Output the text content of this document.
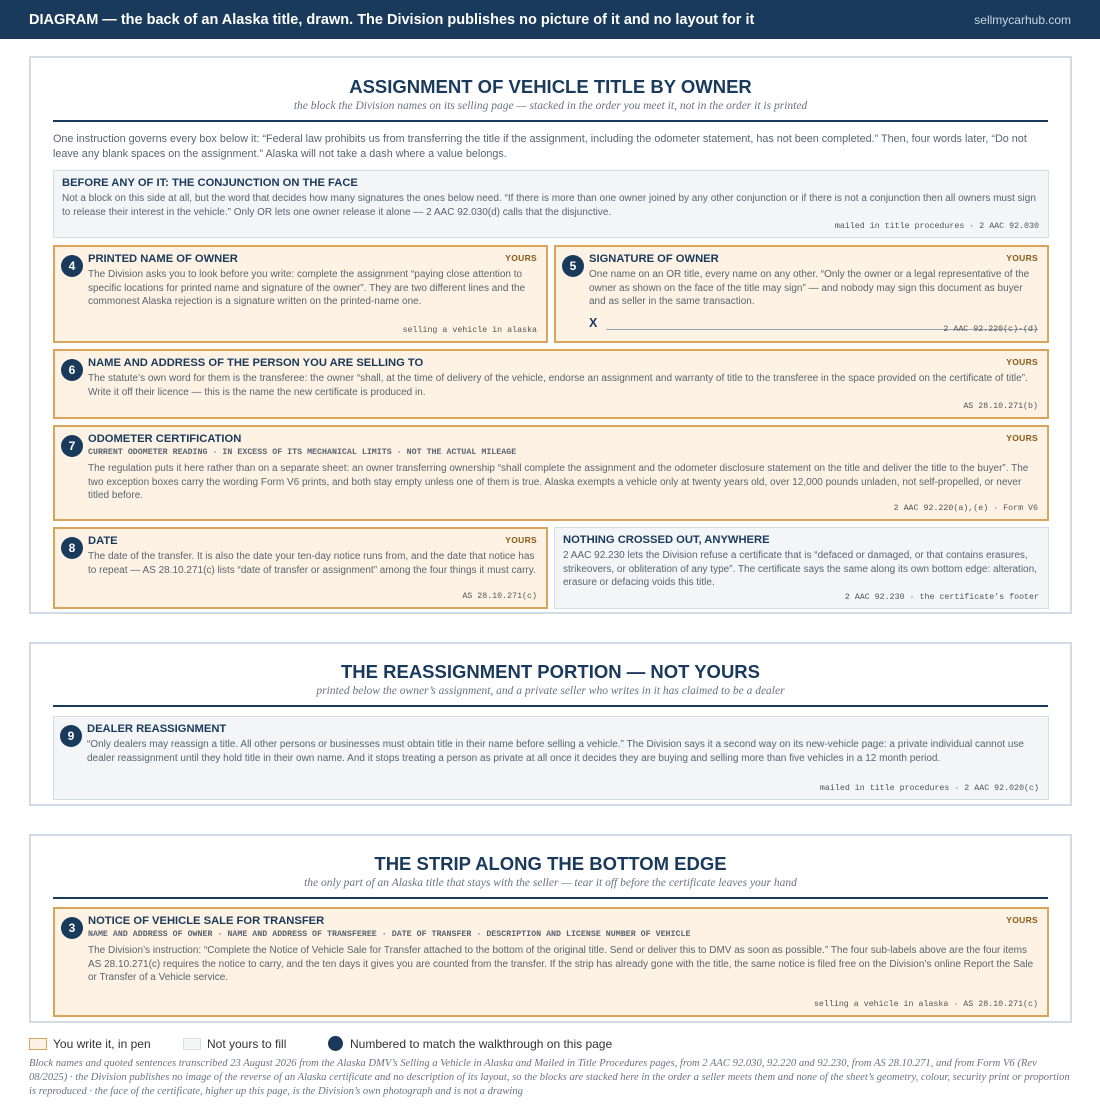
DIAGRAM — the back of an Alaska title, drawn. The Division publishes no picture of it and no layout for it	sellmycarhub.com
ASSIGNMENT OF VEHICLE TITLE BY OWNER
the block the Division names on its selling page — stacked in the order you meet it, not in the order it is printed
One instruction governs every box below it: “Federal law prohibits us from transferring the title if the assignment, including the odometer statement, has not been completed.” Then, four words later, “Do not leave any blank spaces on the assignment.” Alaska will not take a dash where a value belongs.
BEFORE ANY OF IT: THE CONJUNCTION ON THE FACE
Not a block on this side at all, but the word that decides how many signatures the ones below need. “If there is more than one owner joined by any other conjunction or if there is not a conjunction then all owners must sign to release their interest in the vehicle.” Only OR lets one owner release it alone — 2 AAC 92.030(d) calls that the disjunctive.
mailed in title procedures · 2 AAC 92.030
4	PRINTED NAME OF OWNER	YOURS
The Division asks you to look before you write: complete the assignment “paying close attention to specific locations for printed name and signature of the owner”. They are two different lines and the commonest Alaska rejection is a signature written on the printed-name one.
selling a vehicle in alaska
5	SIGNATURE OF OWNER	YOURS
One name on an OR title, every name on any other. “Only the owner or a legal representative of the owner as shown on the face of the title may sign” — and nobody may sign this document as buyer and as seller in the same transaction.
X	2 AAC 92.220(c)-(d)
6	NAME AND ADDRESS OF THE PERSON YOU ARE SELLING TO	YOURS
The statute’s own word for them is the transferee: the owner “shall, at the time of delivery of the vehicle, endorse an assignment and warranty of title to the transferee in the space provided on the certificate of title”. Write it off their licence — this is the name the new certificate is produced in.
AS 28.10.271(b)
7	ODOMETER CERTIFICATION	YOURS
CURRENT ODOMETER READING · IN EXCESS OF ITS MECHANICAL LIMITS · NOT THE ACTUAL MILEAGE
The regulation puts it here rather than on a separate sheet: an owner transferring ownership “shall complete the assignment and the odometer disclosure statement on the title and deliver the title to the buyer”. The two exception boxes carry the wording Form V6 prints, and both stay empty unless one of them is true. Alaska exempts a vehicle only at twenty years old, over 12,000 pounds unladen, not self-propelled, or never titled before.
2 AAC 92.220(a),(e) · Form V6
8	DATE	YOURS
The date of the transfer. It is also the date your ten-day notice runs from, and the date that notice has to repeat — AS 28.10.271(c) lists “date of transfer or assignment” among the four things it must carry.
AS 28.10.271(c)
NOTHING CROSSED OUT, ANYWHERE
2 AAC 92.230 lets the Division refuse a certificate that is “defaced or damaged, or that contains erasures, strikeovers, or obliteration of any type”. The certificate says the same along its own bottom edge: alteration, erasure or defacing voids this title.
2 AAC 92.230 · the certificate’s footer
THE REASSIGNMENT PORTION — NOT YOURS
printed below the owner’s assignment, and a private seller who writes in it has claimed to be a dealer
9	DEALER REASSIGNMENT
“Only dealers may reassign a title. All other persons or businesses must obtain title in their name before selling a vehicle.” The Division says it a second way on its new-vehicle page: a private individual cannot use dealer reassignment until they hold title in their own name. And it stops treating a person as private at all once it decides they are buying and selling more than five vehicles in a 12 month period.
mailed in title procedures · 2 AAC 92.020(c)
THE STRIP ALONG THE BOTTOM EDGE
the only part of an Alaska title that stays with the seller — tear it off before the certificate leaves your hand
3	NOTICE OF VEHICLE SALE FOR TRANSFER	YOURS
NAME AND ADDRESS OF OWNER · NAME AND ADDRESS OF TRANSFEREE · DATE OF TRANSFER · DESCRIPTION AND LICENSE NUMBER OF VEHICLE
The Division’s instruction: “Complete the Notice of Vehicle Sale for Transfer attached to the bottom of the original title. Send or deliver this to DMV as soon as possible.” The four sub-labels above are the four items AS 28.10.271(c) requires the notice to carry, and the ten days it gives you are counted from the transfer. If the strip has already gone with the title, the same notice is filed free on the Division’s online Report the Sale or Transfer of a Vehicle service.
selling a vehicle in alaska · AS 28.10.271(c)
You write it, in pen	Not yours to fill	Numbered to match the walkthrough on this page
Block names and quoted sentences transcribed 23 August 2026 from the Alaska DMV’s Selling a Vehicle in Alaska and Mailed in Title Procedures pages, from 2 AAC 92.030, 92.220 and 92.230, from AS 28.10.271, and from Form V6 (Rev 08/2025) · the Division publishes no image of the reverse of an Alaska certificate and no description of its layout, so the blocks are stacked here in the order a seller meets them and none of the sheet’s geometry, colour, security print or proportion is reproduced · the face of the certificate, higher up this page, is the Division’s own photograph and is not a drawing
